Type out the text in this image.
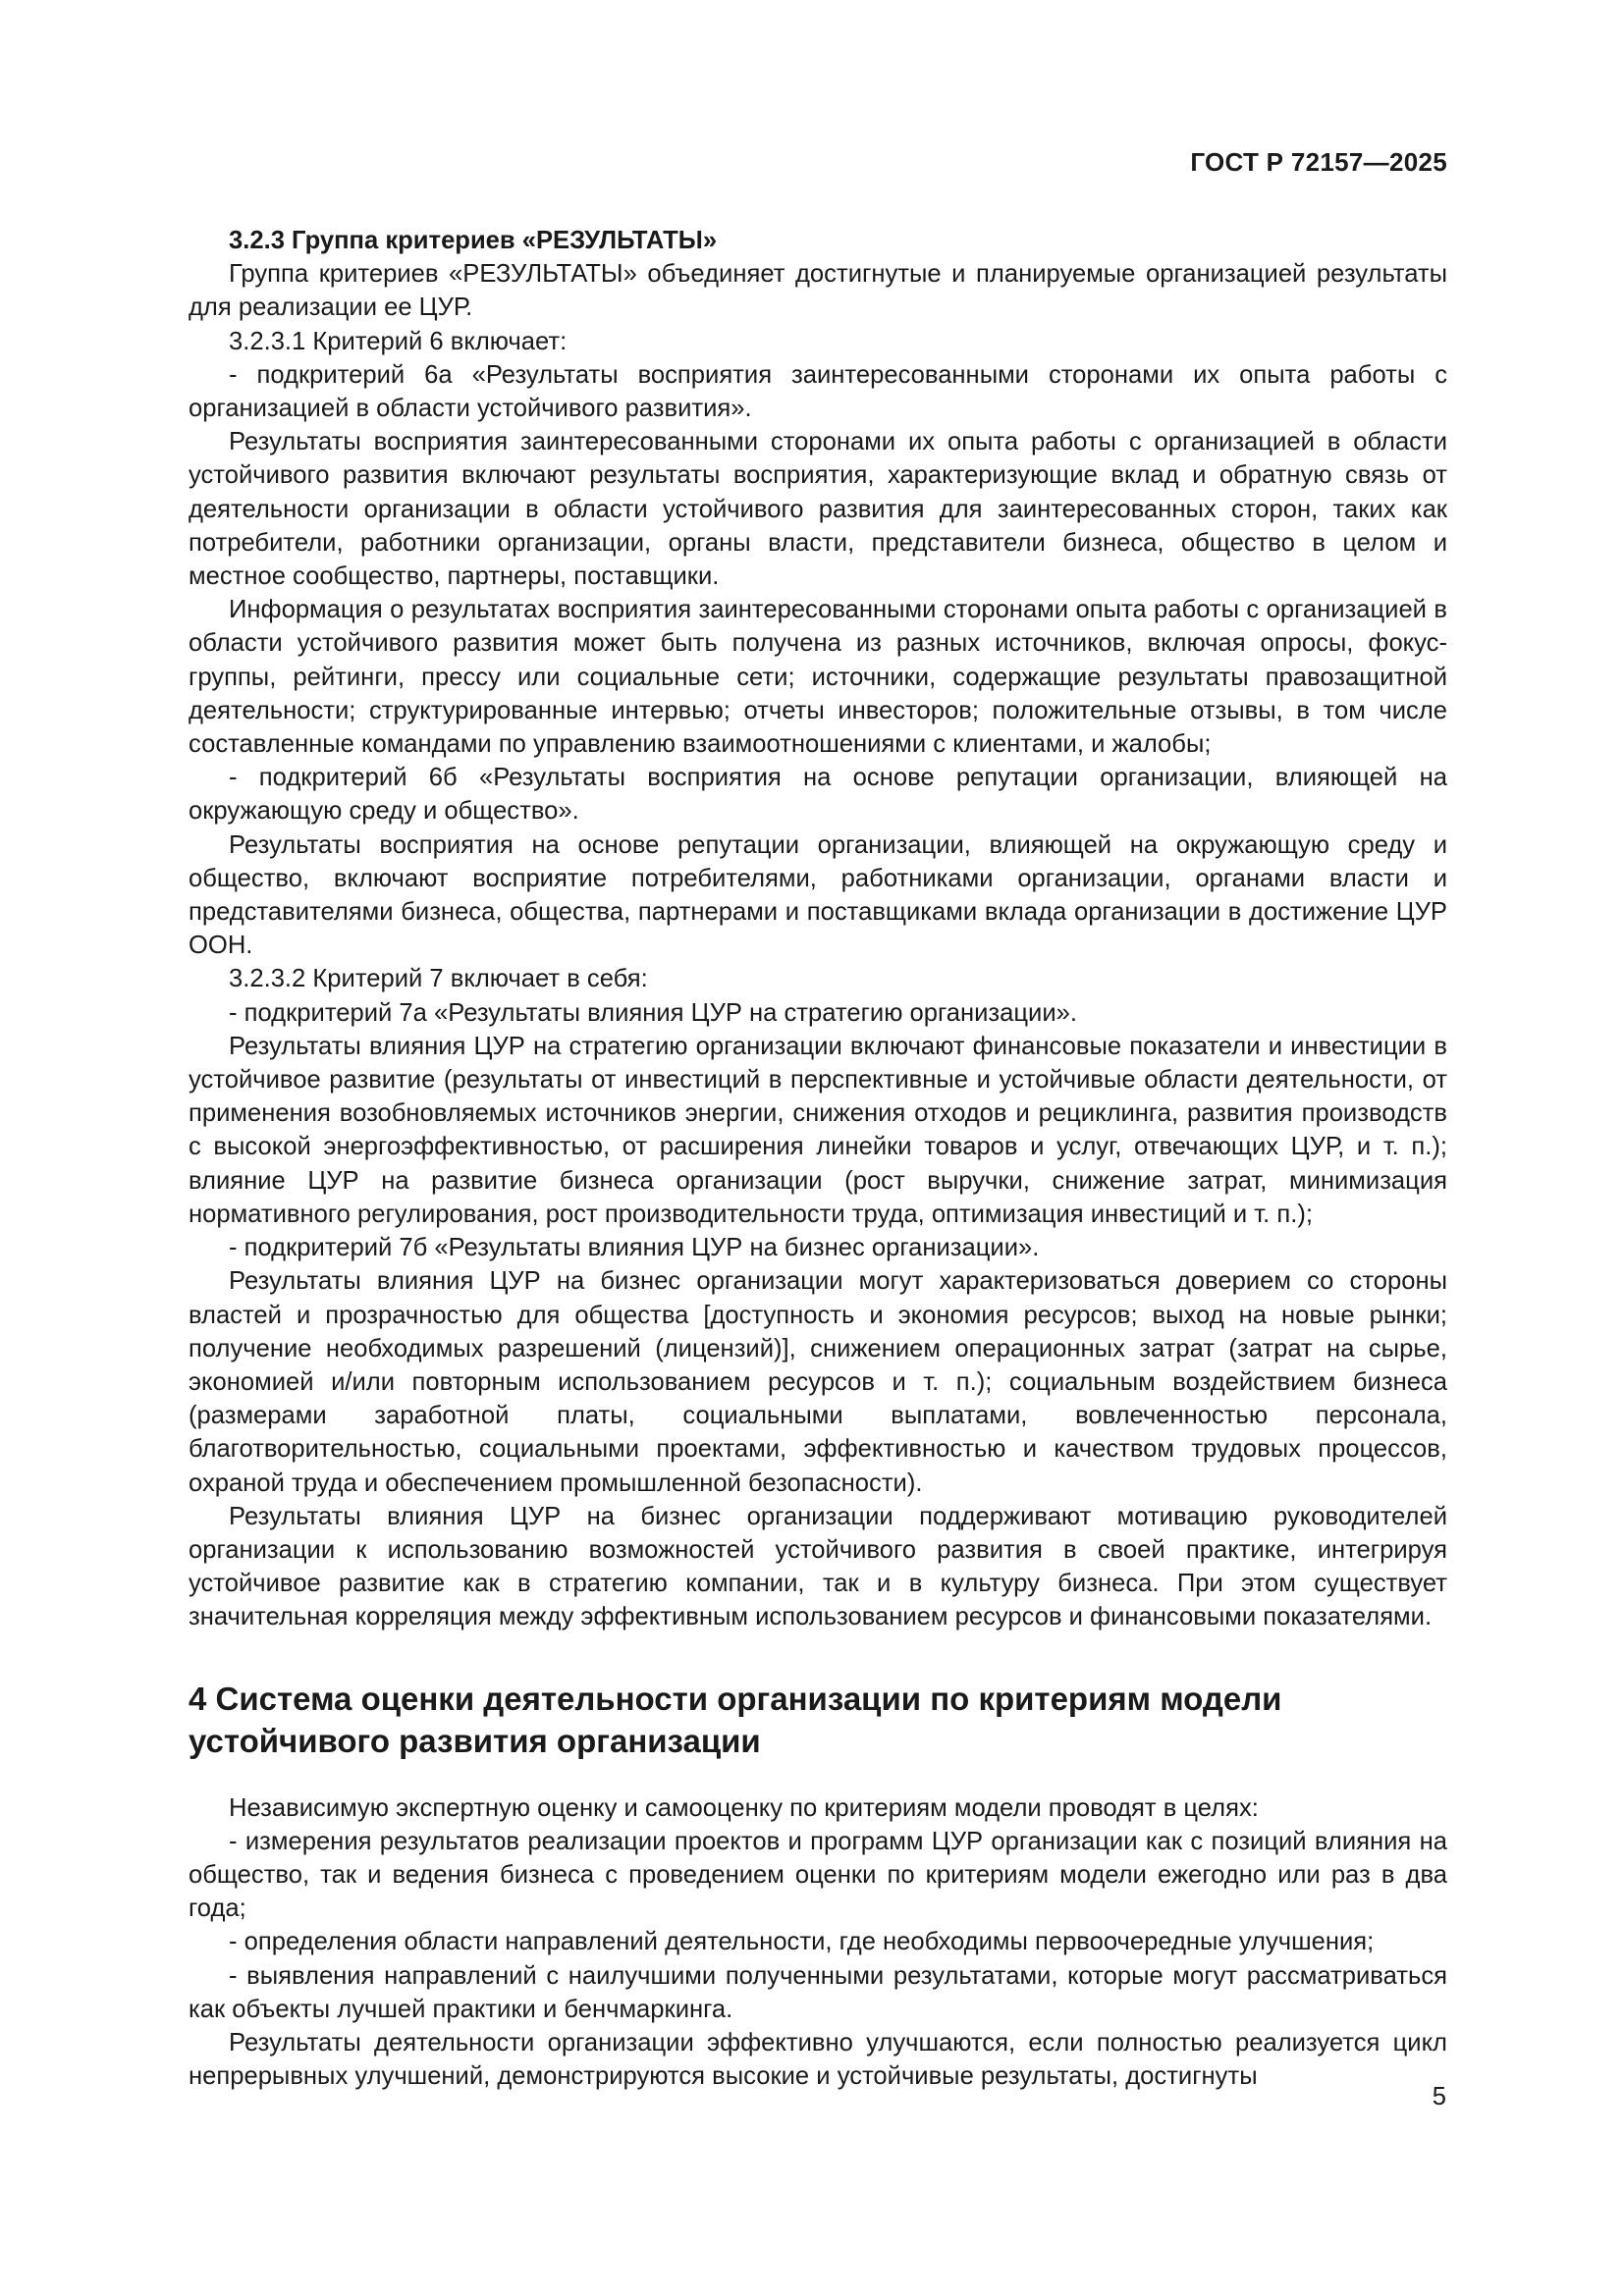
ГОСТ Р 72157—2025
3.2.3 Группа критериев «РЕЗУЛЬТАТЫ»

Группа критериев «РЕЗУЛЬТАТЫ» объединяет достигнутые и планируемые организацией результаты для реализации ее ЦУР.

3.2.3.1 Критерий 6 включает:

- подкритерий 6а «Результаты восприятия заинтересованными сторонами их опыта работы с организацией в области устойчивого развития».

Результаты восприятия заинтересованными сторонами их опыта работы с организацией в области устойчивого развития включают результаты восприятия, характеризующие вклад и обратную связь от деятельности организации в области устойчивого развития для заинтересованных сторон, таких как потребители, работники организации, органы власти, представители бизнеса, общество в целом и местное сообщество, партнеры, поставщики.

Информация о результатах восприятия заинтересованными сторонами опыта работы с организацией в области устойчивого развития может быть получена из разных источников, включая опросы, фокус-группы, рейтинги, прессу или социальные сети; источники, содержащие результаты правозащитной деятельности; структурированные интервью; отчеты инвесторов; положительные отзывы, в том числе составленные командами по управлению взаимоотношениями с клиентами, и жалобы;

- подкритерий 6б «Результаты восприятия на основе репутации организации, влияющей на окружающую среду и общество».

Результаты восприятия на основе репутации организации, влияющей на окружающую среду и общество, включают восприятие потребителями, работниками организации, органами власти и представителями бизнеса, общества, партнерами и поставщиками вклада организации в достижение ЦУР ООН.

3.2.3.2 Критерий 7 включает в себя:

- подкритерий 7а «Результаты влияния ЦУР на стратегию организации».

Результаты влияния ЦУР на стратегию организации включают финансовые показатели и инвестиции в устойчивое развитие (результаты от инвестиций в перспективные и устойчивые области деятельности, от применения возобновляемых источников энергии, снижения отходов и рециклинга, развития производств с высокой энергоэффективностью, от расширения линейки товаров и услуг, отвечающих ЦУР, и т. п.); влияние ЦУР на развитие бизнеса организации (рост выручки, снижение затрат, минимизация нормативного регулирования, рост производительности труда, оптимизация инвестиций и т. п.);

- подкритерий 7б «Результаты влияния ЦУР на бизнес организации».

Результаты влияния ЦУР на бизнес организации могут характеризоваться доверием со стороны властей и прозрачностью для общества [доступность и экономия ресурсов; выход на новые рынки; получение необходимых разрешений (лицензий)], снижением операционных затрат (затрат на сырье, экономией и/или повторным использованием ресурсов и т. п.); социальным воздействием бизнеса (размерами заработной платы, социальными выплатами, вовлеченностью персонала, благотворительностью, социальными проектами, эффективностью и качеством трудовых процессов, охраной труда и обеспечением промышленной безопасности).

Результаты влияния ЦУР на бизнес организации поддерживают мотивацию руководителей организации к использованию возможностей устойчивого развития в своей практике, интегрируя устойчивое развитие как в стратегию компании, так и в культуру бизнеса. При этом существует значительная корреляция между эффективным использованием ресурсов и финансовыми показателями.

4 Система оценки деятельности организации по критериям модели устойчивого развития организации

Независимую экспертную оценку и самооценку по критериям модели проводят в целях:

- измерения результатов реализации проектов и программ ЦУР организации как с позиций влияния на общество, так и ведения бизнеса с проведением оценки по критериям модели ежегодно или раз в два года;

- определения области направлений деятельности, где необходимы первоочередные улучшения;

- выявления направлений с наилучшими полученными результатами, которые могут рассматриваться как объекты лучшей практики и бенчмаркинга.

Результаты деятельности организации эффективно улучшаются, если полностью реализуется цикл непрерывных улучшений, демонстрируются высокие и устойчивые результаты, достигнуты

5
